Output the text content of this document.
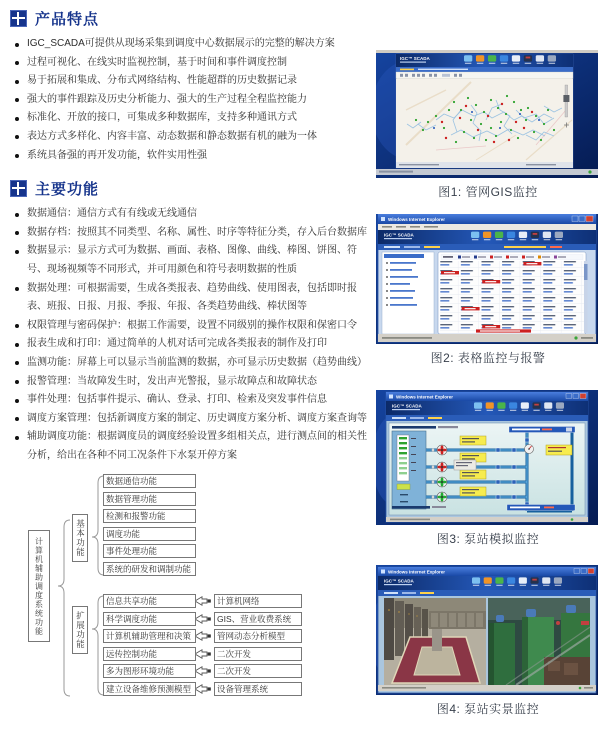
产品特点
IGC_SCADA可提供从现场采集到调度中心数据展示的完整的解决方案
过程可视化、在线实时监视控制，基于时间和事件调度控制
易于拓展和集成、分布式网络结构、性能超群的历史数据记录
强大的事件跟踪及历史分析能力、强大的生产过程全程监控能力
标准化、开放的接口，可集成多种数据库，支持多种通讯方式
表达方式多样化、内容丰富、动态数据和静态数据有机的融为一体
系统具备强的再开发功能，软件实用性强
主要功能
数据通信：通信方式有有线或无线通信
数据存档：按照其不同类型、名称、属性、时序等特征分类，存入后台数据库
数据显示：显示方式可为数据、画面、表格、图像、曲线、棒图、饼图、符号、现场视频等不同形式，并可用颜色和符号表明数据的性质
数据处理：可根据需要，生成各类报表、趋势曲线、使用图表，包括即时报表、班报、日报、月报、季报、年报、各类趋势曲线、棒状图等
权限管理与密码保护：根据工作需要，设置不同级别的操作权限和保密口令
报表生成和打印：通过简单的人机对话可完成各类报表的制作及打印
监测功能：屏幕上可以显示当前监测的数据，亦可显示历史数据（趋势曲线）
报警管理：当故障发生时，发出声光警报，显示故障点和故障状态
事件处理：包括事件提示、确认、登录、打印、检索及突发事件信息
调度方案管理：包括新调度方案的制定、历史调度方案分析、调度方案查询等
辅助调度功能：根据调度员的调度经验设置多组相关点，进行测点间的相关性分析，给出在各种不同工况条件下水泵开停方案
计算机辅助调度系统功能	基本功能
扩展功能
数据通信功能
数据管理功能
检测和报警功能
调度功能
事件处理功能
系统的研发和调制功能
信息共享功能
科学调度功能
计算机辅助管理和决策
远传控制功能
多为图形环境功能
建立设备维修预测模型
计算机网络
GIS、营业收费系统
管网动态分析模型
二次开发
二次开发
设备管理系统
IGC™ SCADA
图1: 管网GIS监控
Windows Internet Explorer
IGC™ SCADA
图2: 表格监控与报警
Windows Internet Explorer
IGC™ SCADA
图3: 泵站模拟监控
Windows Internet Explorer
IGC™ SCADA
图4: 泵站实景监控
